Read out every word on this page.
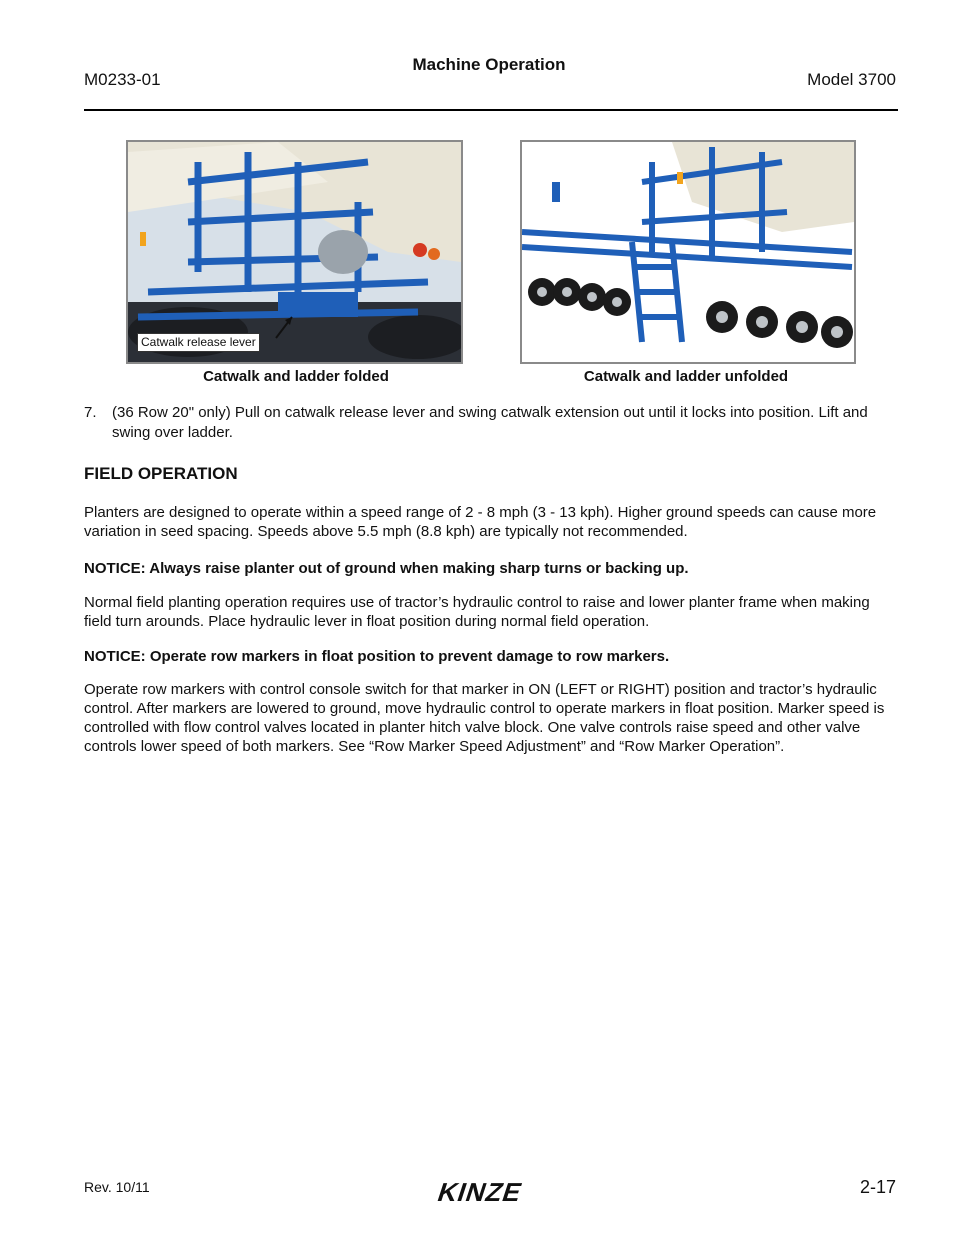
M0233-01
Machine Operation
Model 3700
Catwalk release lever
Catwalk and ladder folded	Catwalk and ladder unfolded
7. (36 Row 20" only) Pull on catwalk release lever and swing catwalk extension out until it locks into position. Lift and swing over ladder.
FIELD OPERATION
Planters are designed to operate within a speed range of 2 - 8 mph (3 - 13 kph). Higher ground speeds can cause more variation in seed spacing. Speeds above 5.5 mph (8.8 kph) are typically not recommended.
NOTICE: Always raise planter out of ground when making sharp turns or backing up.
Normal field planting operation requires use of tractor’s hydraulic control to raise and lower planter frame when making field turn arounds. Place hydraulic lever in float position during normal field operation.
NOTICE: Operate row markers in float position to prevent damage to row markers.
Operate row markers with control console switch for that marker in ON (LEFT or RIGHT) position and tractor’s hydraulic control. After markers are lowered to ground, move hydraulic control to operate markers in float position. Marker speed is controlled with flow control valves located in planter hitch valve block. One valve controls raise speed and other valve controls lower speed of both markers. See “Row Marker Speed Adjustment” and “Row Marker Operation”.
Rev. 10/11	KINZE	2-17
